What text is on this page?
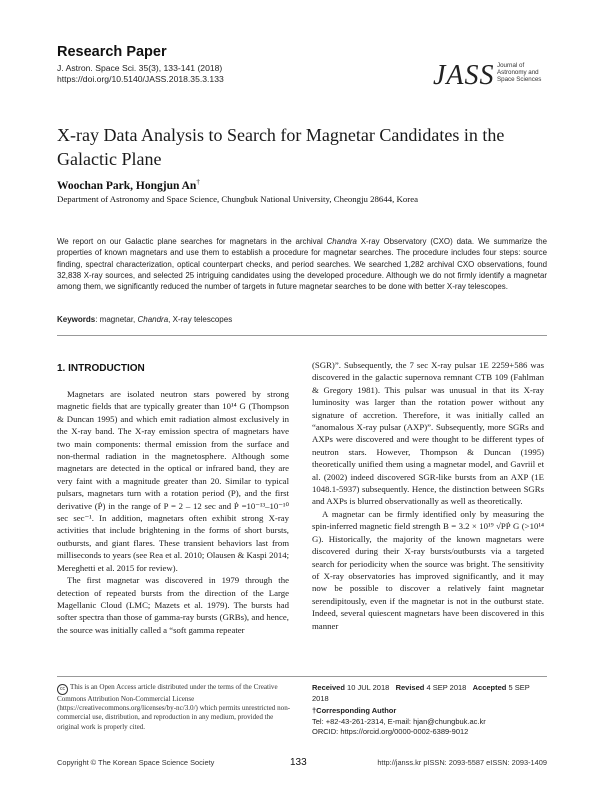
Research Paper
J. Astron. Space Sci. 35(3), 133-141 (2018)
https://doi.org/10.5140/JASS.2018.35.3.133	JASS Journal of
Astronomy and
Space Sciences
X-ray Data Analysis to Search for Magnetar Candidates in the Galactic Plane
Woochan Park, Hongjun An†
Department of Astronomy and Space Science, Chungbuk National University, Cheongju 28644, Korea
We report on our Galactic plane searches for magnetars in the archival Chandra X-ray Observatory (CXO) data. We summarize the properties of known magnetars and use them to establish a procedure for magnetar searches. The procedure includes four steps: source finding, spectral characterization, optical counterpart checks, and period searches. We searched 1,282 archival CXO observations, found 32,838 X-ray sources, and selected 25 intriguing candidates using the developed procedure. Although we do not firmly identify a magnetar among them, we significantly reduced the number of targets in future magnetar searches to be done with better X-ray telescopes.
Keywords: magnetar, Chandra, X-ray telescopes
1. INTRODUCTION

Magnetars are isolated neutron stars powered by strong magnetic fields that are typically greater than 10¹⁴ G (Thompson & Duncan 1995) and which emit radiation almost exclusively in the X-ray band. The X-ray emission spectra of magnetars have two main components: thermal emission from the surface and non-thermal radiation in the magnetosphere. Although some magnetars are detected in the optical or infrared band, they are very faint with a magnitude greater than 20. Similar to typical pulsars, magnetars turn with a rotation period (P), and the first derivative (Ṗ) in the range of P = 2 – 12 sec and Ṗ =10⁻¹³–10⁻¹⁰ sec sec⁻¹. In addition, magnetars often exhibit strong X-ray activities that include brightening in the forms of short bursts, outbursts, and giant flares. These transient behaviors last from milliseconds to years (see Rea et al. 2010; Olausen & Kaspi 2014; Mereghetti et al. 2015 for review).

The first magnetar was discovered in 1979 through the detection of repeated bursts from the direction of the Large Magellanic Cloud (LMC; Mazets et al. 1979). The bursts had softer spectra than those of gamma-ray bursts (GRBs), and hence, the source was initially called a “soft gamma repeater

(SGR)”. Subsequently, the 7 sec X-ray pulsar 1E 2259+586 was discovered in the galactic supernova remnant CTB 109 (Fahlman & Gregory 1981). This pulsar was unusual in that its X-ray luminosity was larger than the rotation power without any signature of accretion. Therefore, it was initially called an “anomalous X-ray pulsar (AXP)”. Subsequently, more SGRs and AXPs were discovered and were thought to be different types of neutron stars. However, Thompson & Duncan (1995) theoretically unified them using a magnetar model, and Gavriil et al. (2002) indeed discovered SGR-like bursts from an AXP (1E 1048.1-5937) subsequently. Hence, the distinction between SGRs and AXPs is blurred observationally as well as theoretically.

A magnetar can be firmly identified only by measuring the spin-inferred magnetic field strength B = 3.2 × 10¹⁹ √PṖ G (>10¹⁴ G). Historically, the majority of the known magnetars were discovered during their X-ray bursts/outbursts via a targeted search for periodicity when the source was bright. The sensitivity of X-ray observatories has improved significantly, and it may now be possible to discover a relatively faint magnetar serendipitously, even if the magnetar is not in the outburst state. Indeed, several quiescent magnetars have been discovered in this manner

cc This is an Open Access article distributed under the terms of the Creative Commons Attribution Non-Commercial License (https://creativecommons.org/licenses/by-nc/3.0/) which permits unrestricted non-commercial use, distribution, and reproduction in any medium, provided the original work is properly cited.
Received 10 JUL 2018 Revised 4 SEP 2018 Accepted 5 SEP 2018
†Corresponding Author
Tel: +82-43-261-2314, E-mail: hjan@chungbuk.ac.kr
ORCID: https://orcid.org/0000-0002-6389-9012
Copyright © The Korean Space Science Society	133	http://janss.kr pISSN: 2093-5587 eISSN: 2093-1409
